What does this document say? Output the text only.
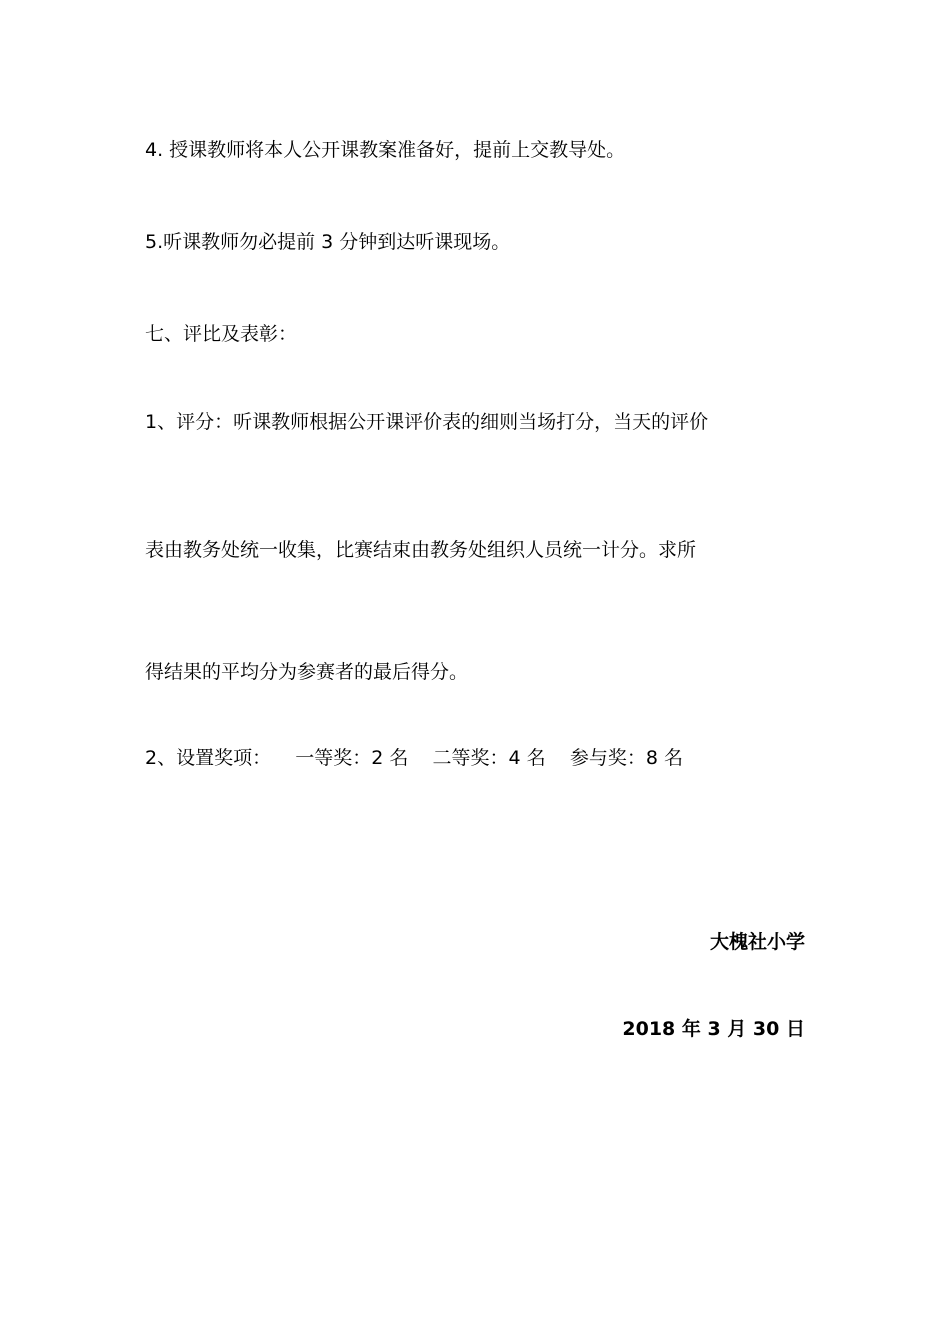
4. 授课教师将本人公开课教案准备好，提前上交教导处。
5.听课教师勿必提前 3 分钟到达听课现场。
七、评比及表彰：
1、评分：听课教师根据公开课评价表的细则当场打分，当天的评价
表由教务处统一收集，比赛结束由教务处组织人员统一计分。求所
得结果的平均分为参赛者的最后得分。
2、设置奖项：    一等奖：2 名    二等奖：4 名    参与奖：8 名
大槐社小学
2018 年 3 月 30 日
